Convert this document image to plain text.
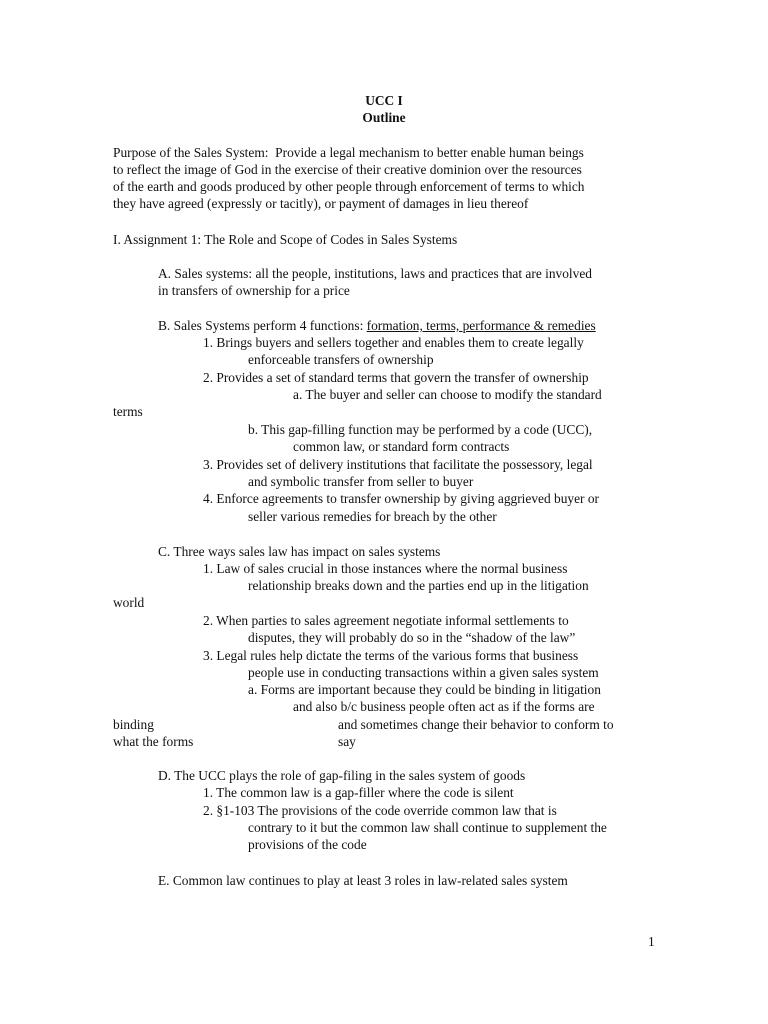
UCC I
Outline
Purpose of the Sales System:  Provide a legal mechanism to better enable human beings
to reflect the image of God in the exercise of their creative dominion over the resources
of the earth and goods produced by other people through enforcement of terms to which
they have agreed (expressly or tacitly), or payment of damages in lieu thereof
I. Assignment 1: The Role and Scope of Codes in Sales Systems
A. Sales systems: all the people, institutions, laws and practices that are involved
in transfers of ownership for a price
B. Sales Systems perform 4 functions: formation, terms, performance & remedies
1. Brings buyers and sellers together and enables them to create legally
enforceable transfers of ownership
2. Provides a set of standard terms that govern the transfer of ownership
a. The buyer and seller can choose to modify the standard
terms
b. This gap-filling function may be performed by a code (UCC),
common law, or standard form contracts
3. Provides set of delivery institutions that facilitate the possessory, legal
and symbolic transfer from seller to buyer
4. Enforce agreements to transfer ownership by giving aggrieved buyer or
seller various remedies for breach by the other
C. Three ways sales law has impact on sales systems
1. Law of sales crucial in those instances where the normal business
relationship breaks down and the parties end up in the litigation
world
2. When parties to sales agreement negotiate informal settlements to
disputes, they will probably do so in the “shadow of the law”
3. Legal rules help dictate the terms of the various forms that business
people use in conducting transactions within a given sales system
a. Forms are important because they could be binding in litigation
and also b/c business people often act as if the forms are
binding	and sometimes change their behavior to conform to
what the forms	say
D. The UCC plays the role of gap-filing in the sales system of goods
1. The common law is a gap-filler where the code is silent
2. §1-103 The provisions of the code override common law that is
contrary to it but the common law shall continue to supplement the
provisions of the code
E. Common law continues to play at least 3 roles in law-related sales system
1
